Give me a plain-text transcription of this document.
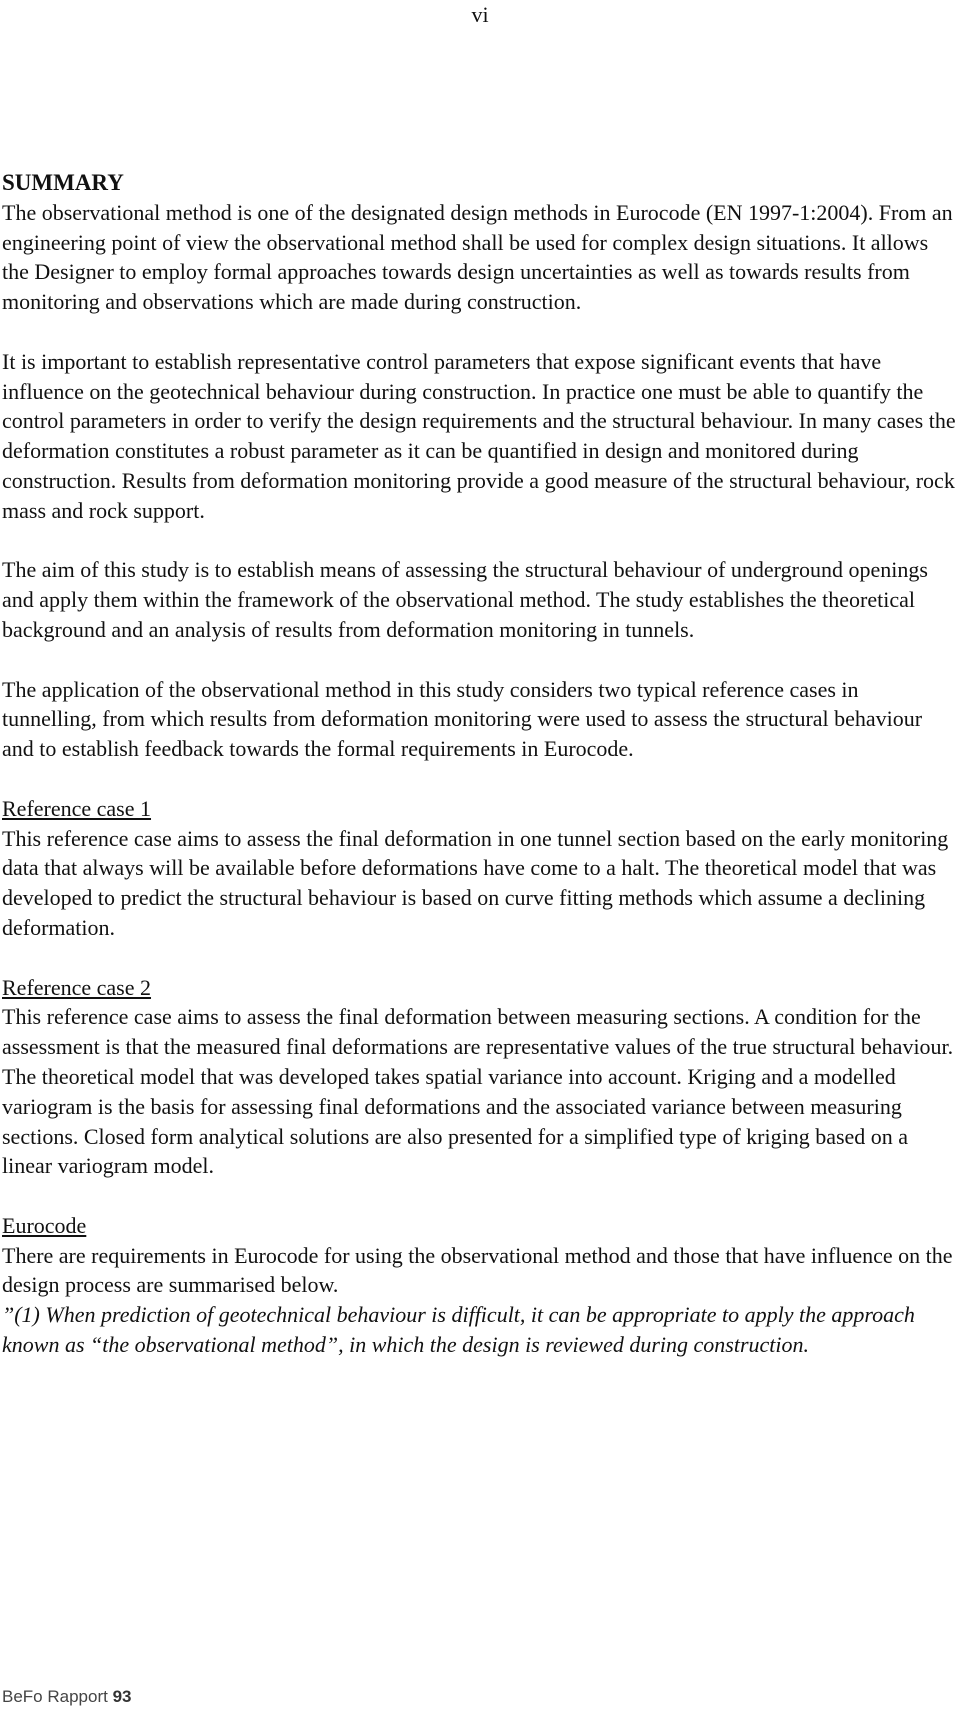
vi

SUMMARY

The observational method is one of the designated design methods in Eurocode (EN 1997-1:2004). From an engineering point of view the observational method shall be used for complex design situations. It allows the Designer to employ formal approaches towards design uncertainties as well as towards results from monitoring and observations which are made during construction.

It is important to establish representative control parameters that expose significant events that have influence on the geotechnical behaviour during construction. In practice one must be able to quantify the control parameters in order to verify the design requirements and the structural behaviour. In many cases the deformation constitutes a robust parameter as it can be quantified in design and monitored during construction. Results from deformation monitoring provide a good measure of the structural behaviour, rock mass and rock support.

The aim of this study is to establish means of assessing the structural behaviour of underground openings and apply them within the framework of the observational method. The study establishes the theoretical background and an analysis of results from deformation monitoring in tunnels.

The application of the observational method in this study considers two typical reference cases in tunnelling, from which results from deformation monitoring were used to assess the structural behaviour and to establish feedback towards the formal requirements in Eurocode.

Reference case 1

This reference case aims to assess the final deformation in one tunnel section based on the early monitoring data that always will be available before deformations have come to a halt. The theoretical model that was developed to predict the structural behaviour is based on curve fitting methods which assume a declining deformation.

Reference case 2

This reference case aims to assess the final deformation between measuring sections. A condition for the assessment is that the measured final deformations are representative values of the true structural behaviour. The theoretical model that was developed takes spatial variance into account. Kriging and a modelled variogram is the basis for assessing final deformations and the associated variance between measuring sections. Closed form analytical solutions are also presented for a simplified type of kriging based on a linear variogram model.

Eurocode

There are requirements in Eurocode for using the observational method and those that have influence on the design process are summarised below.

”(1) When prediction of geotechnical behaviour is difficult, it can be appropriate to apply the approach known as “the observational method”, in which the design is reviewed during construction.

BeFo Rapport 93
